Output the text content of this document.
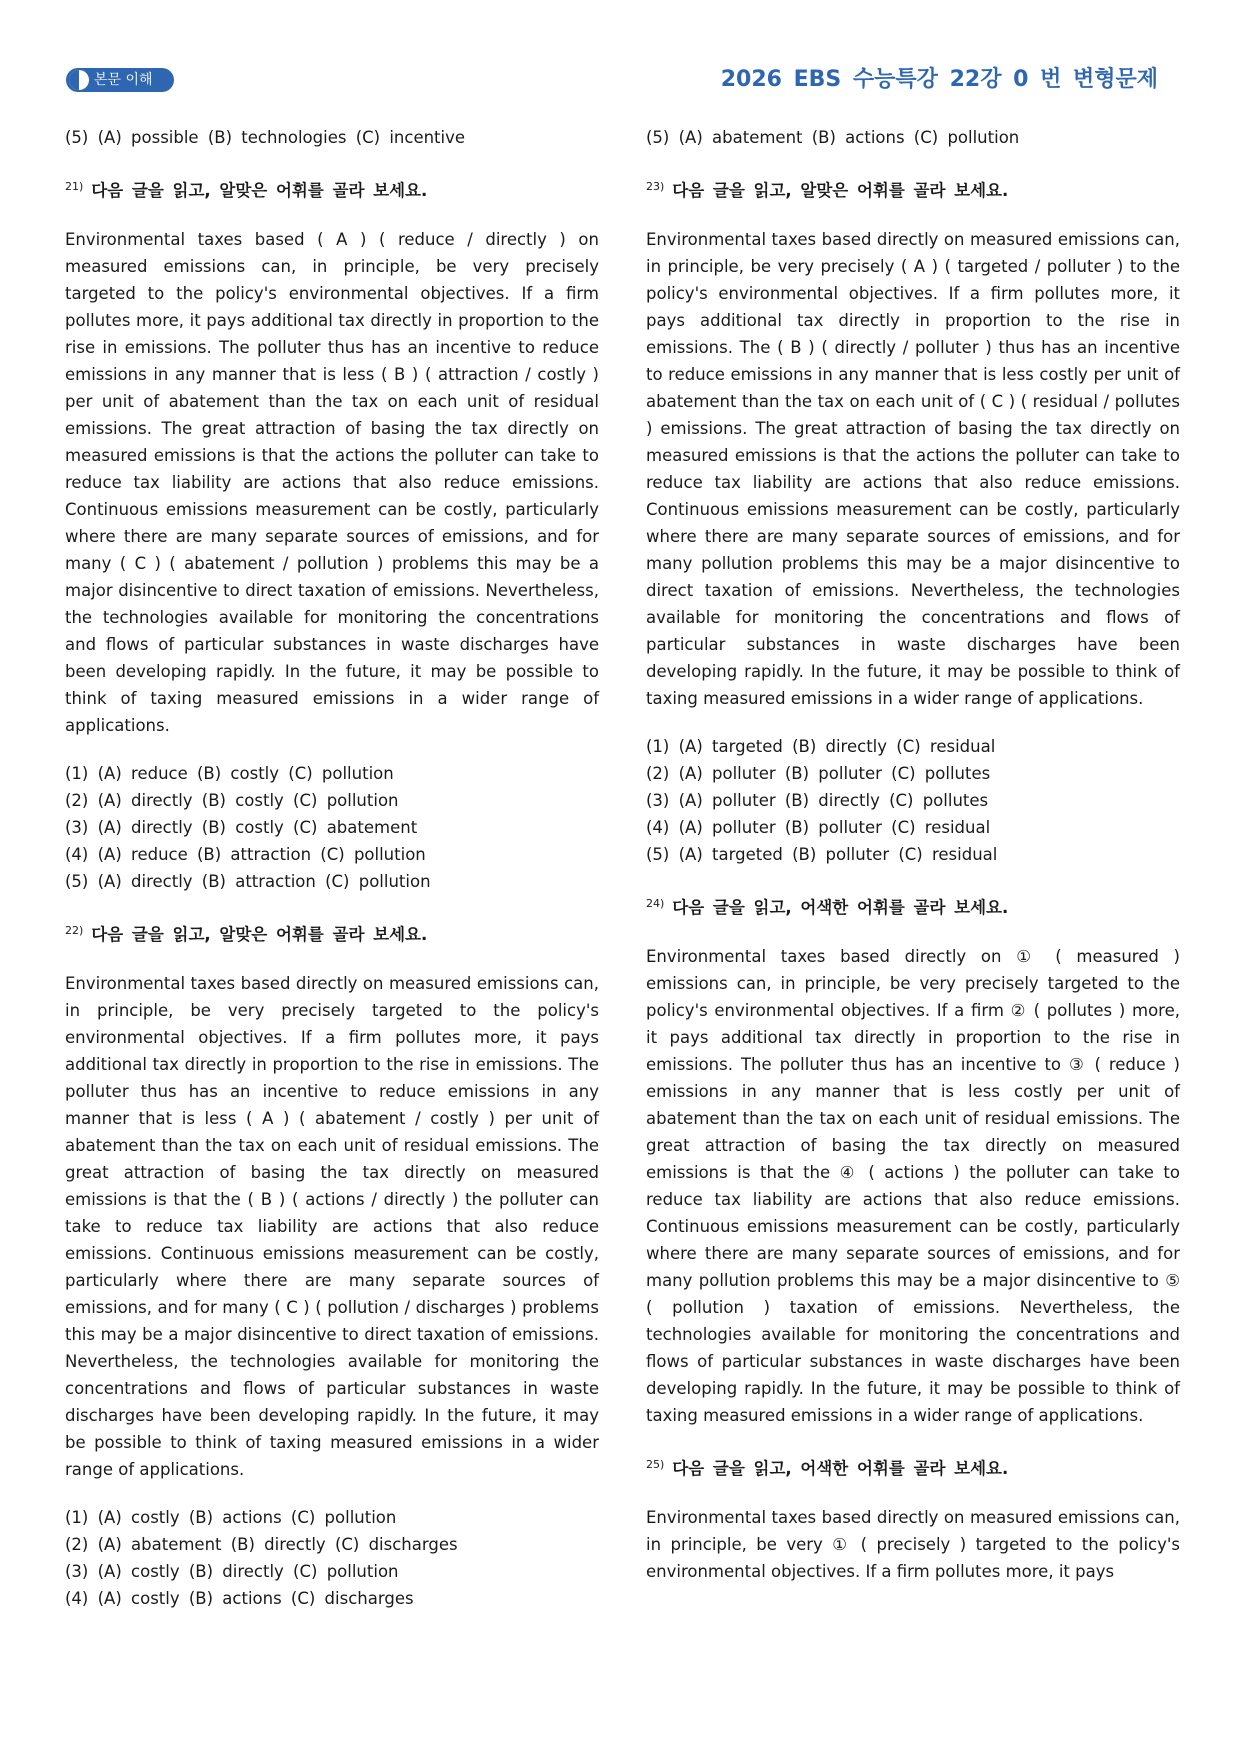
본문 이해	2026 EBS 수능특강 22강 0 번 변형문제
(5) (A) possible (B) technologies (C) incentive
$^{21)}$ 다음 글을 읽고, 알맞은 어휘를 골라 보세요.

Environmental taxes based ( A ) ( reduce / directly ) on measured emissions can, in principle, be very precisely targeted to the policy's environmental objectives. If a firm pollutes more, it pays additional tax directly in proportion to the rise in emissions. The polluter thus has an incentive to reduce emissions in any manner that is less ( B ) ( attraction / costly ) per unit of abatement than the tax on each unit of residual emissions. The great attraction of basing the tax directly on measured emissions is that the actions the polluter can take to reduce tax liability are actions that also reduce emissions. Continuous emissions measurement can be costly, particularly where there are many separate sources of emissions, and for many ( C ) ( abatement / pollution ) problems this may be a major disincentive to direct taxation of emissions. Nevertheless, the technologies available for monitoring the concentrations and flows of particular substances in waste discharges have been developing rapidly. In the future, it may be possible to think of taxing measured emissions in a wider range of applications.

(1) (A) reduce (B) costly (C) pollution
(2) (A) directly (B) costly (C) pollution
(3) (A) directly (B) costly (C) abatement
(4) (A) reduce (B) attraction (C) pollution
(5) (A) directly (B) attraction (C) pollution
$^{22)}$ 다음 글을 읽고, 알맞은 어휘를 골라 보세요.

Environmental taxes based directly on measured emissions can, in principle, be very precisely targeted to the policy's environmental objectives. If a firm pollutes more, it pays additional tax directly in proportion to the rise in emissions. The polluter thus has an incentive to reduce emissions in any manner that is less ( A ) ( abatement / costly ) per unit of abatement than the tax on each unit of residual emissions. The great attraction of basing the tax directly on measured emissions is that the ( B ) ( actions / directly ) the polluter can take to reduce tax liability are actions that also reduce emissions. Continuous emissions measurement can be costly, particularly where there are many separate sources of emissions, and for many ( C ) ( pollution / discharges ) problems this may be a major disincentive to direct taxation of emissions. Nevertheless, the technologies available for monitoring the concentrations and flows of particular substances in waste discharges have been developing rapidly. In the future, it may be possible to think of taxing measured emissions in a wider range of applications.

(1) (A) costly (B) actions (C) pollution
(2) (A) abatement (B) directly (C) discharges
(3) (A) costly (B) directly (C) pollution
(4) (A) costly (B) actions (C) discharges
(5) (A) abatement (B) actions (C) pollution
$^{23)}$ 다음 글을 읽고, 알맞은 어휘를 골라 보세요.

Environmental taxes based directly on measured emissions can, in principle, be very precisely ( A ) ( targeted / polluter ) to the policy's environmental objectives. If a firm pollutes more, it pays additional tax directly in proportion to the rise in emissions. The ( B ) ( directly / polluter ) thus has an incentive to reduce emissions in any manner that is less costly per unit of abatement than the tax on each unit of ( C ) ( residual / pollutes ) emissions. The great attraction of basing the tax directly on measured emissions is that the actions the polluter can take to reduce tax liability are actions that also reduce emissions. Continuous emissions measurement can be costly, particularly where there are many separate sources of emissions, and for many pollution problems this may be a major disincentive to direct taxation of emissions. Nevertheless, the technologies available for monitoring the concentrations and flows of particular substances in waste discharges have been developing rapidly. In the future, it may be possible to think of taxing measured emissions in a wider range of applications.

(1) (A) targeted (B) directly (C) residual
(2) (A) polluter (B) polluter (C) pollutes
(3) (A) polluter (B) directly (C) pollutes
(4) (A) polluter (B) polluter (C) residual
(5) (A) targeted (B) polluter (C) residual
$^{24)}$ 다음 글을 읽고, 어색한 어휘를 골라 보세요.

Environmental taxes based directly on ① ( measured ) emissions can, in principle, be very precisely targeted to the policy's environmental objectives. If a firm ② ( pollutes ) more, it pays additional tax directly in proportion to the rise in emissions. The polluter thus has an incentive to ③ ( reduce ) emissions in any manner that is less costly per unit of abatement than the tax on each unit of residual emissions. The great attraction of basing the tax directly on measured emissions is that the ④ ( actions ) the polluter can take to reduce tax liability are actions that also reduce emissions. Continuous emissions measurement can be costly, particularly where there are many separate sources of emissions, and for many pollution problems this may be a major disincentive to ⑤ ( pollution ) taxation of emissions. Nevertheless, the technologies available for monitoring the concentrations and flows of particular substances in waste discharges have been developing rapidly. In the future, it may be possible to think of taxing measured emissions in a wider range of applications.

$^{25)}$ 다음 글을 읽고, 어색한 어휘를 골라 보세요.

Environmental taxes based directly on measured emissions can, in principle, be very ① ( precisely ) targeted to the policy's environmental objectives. If a firm pollutes more, it pays
